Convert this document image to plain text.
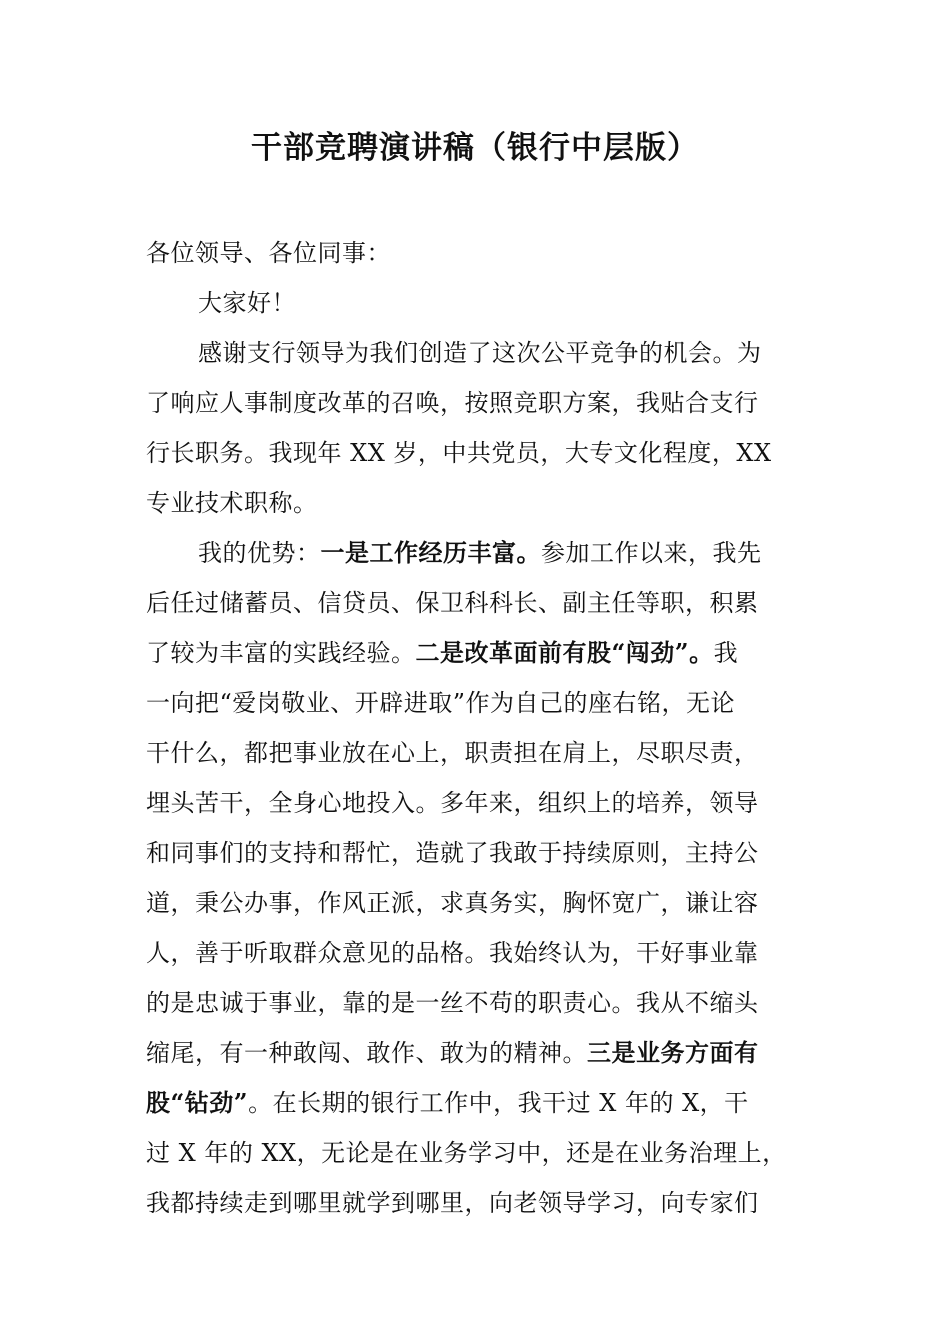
干部竞聘演讲稿（银行中层版）
各位领导、各位同事：
大家好！
感谢支行领导为我们创造了这次公平竞争的机会。为
了响应人事制度改革的召唤，按照竞职方案，我贴合支行
行长职务。我现年 XX 岁，中共党员，大专文化程度，XX
专业技术职称。
我的优势：一是工作经历丰富。参加工作以来，我先
后任过储蓄员、信贷员、保卫科科长、副主任等职，积累
了较为丰富的实践经验。二是改革面前有股“闯劲”。我
一向把“爱岗敬业、开辟进取”作为自己的座右铭，无论
干什么，都把事业放在心上，职责担在肩上，尽职尽责，
埋头苦干，全身心地投入。多年来，组织上的培养，领导
和同事们的支持和帮忙，造就了我敢于持续原则，主持公
道，秉公办事，作风正派，求真务实，胸怀宽广，谦让容
人，善于听取群众意见的品格。我始终认为，干好事业靠
的是忠诚于事业，靠的是一丝不苟的职责心。我从不缩头
缩尾，有一种敢闯、敢作、敢为的精神。三是业务方面有
股“钻劲”。在长期的银行工作中，我干过 X 年的 X，干
过 X 年的 XX，无论是在业务学习中，还是在业务治理上，
我都持续走到哪里就学到哪里，向老领导学习，向专家们
